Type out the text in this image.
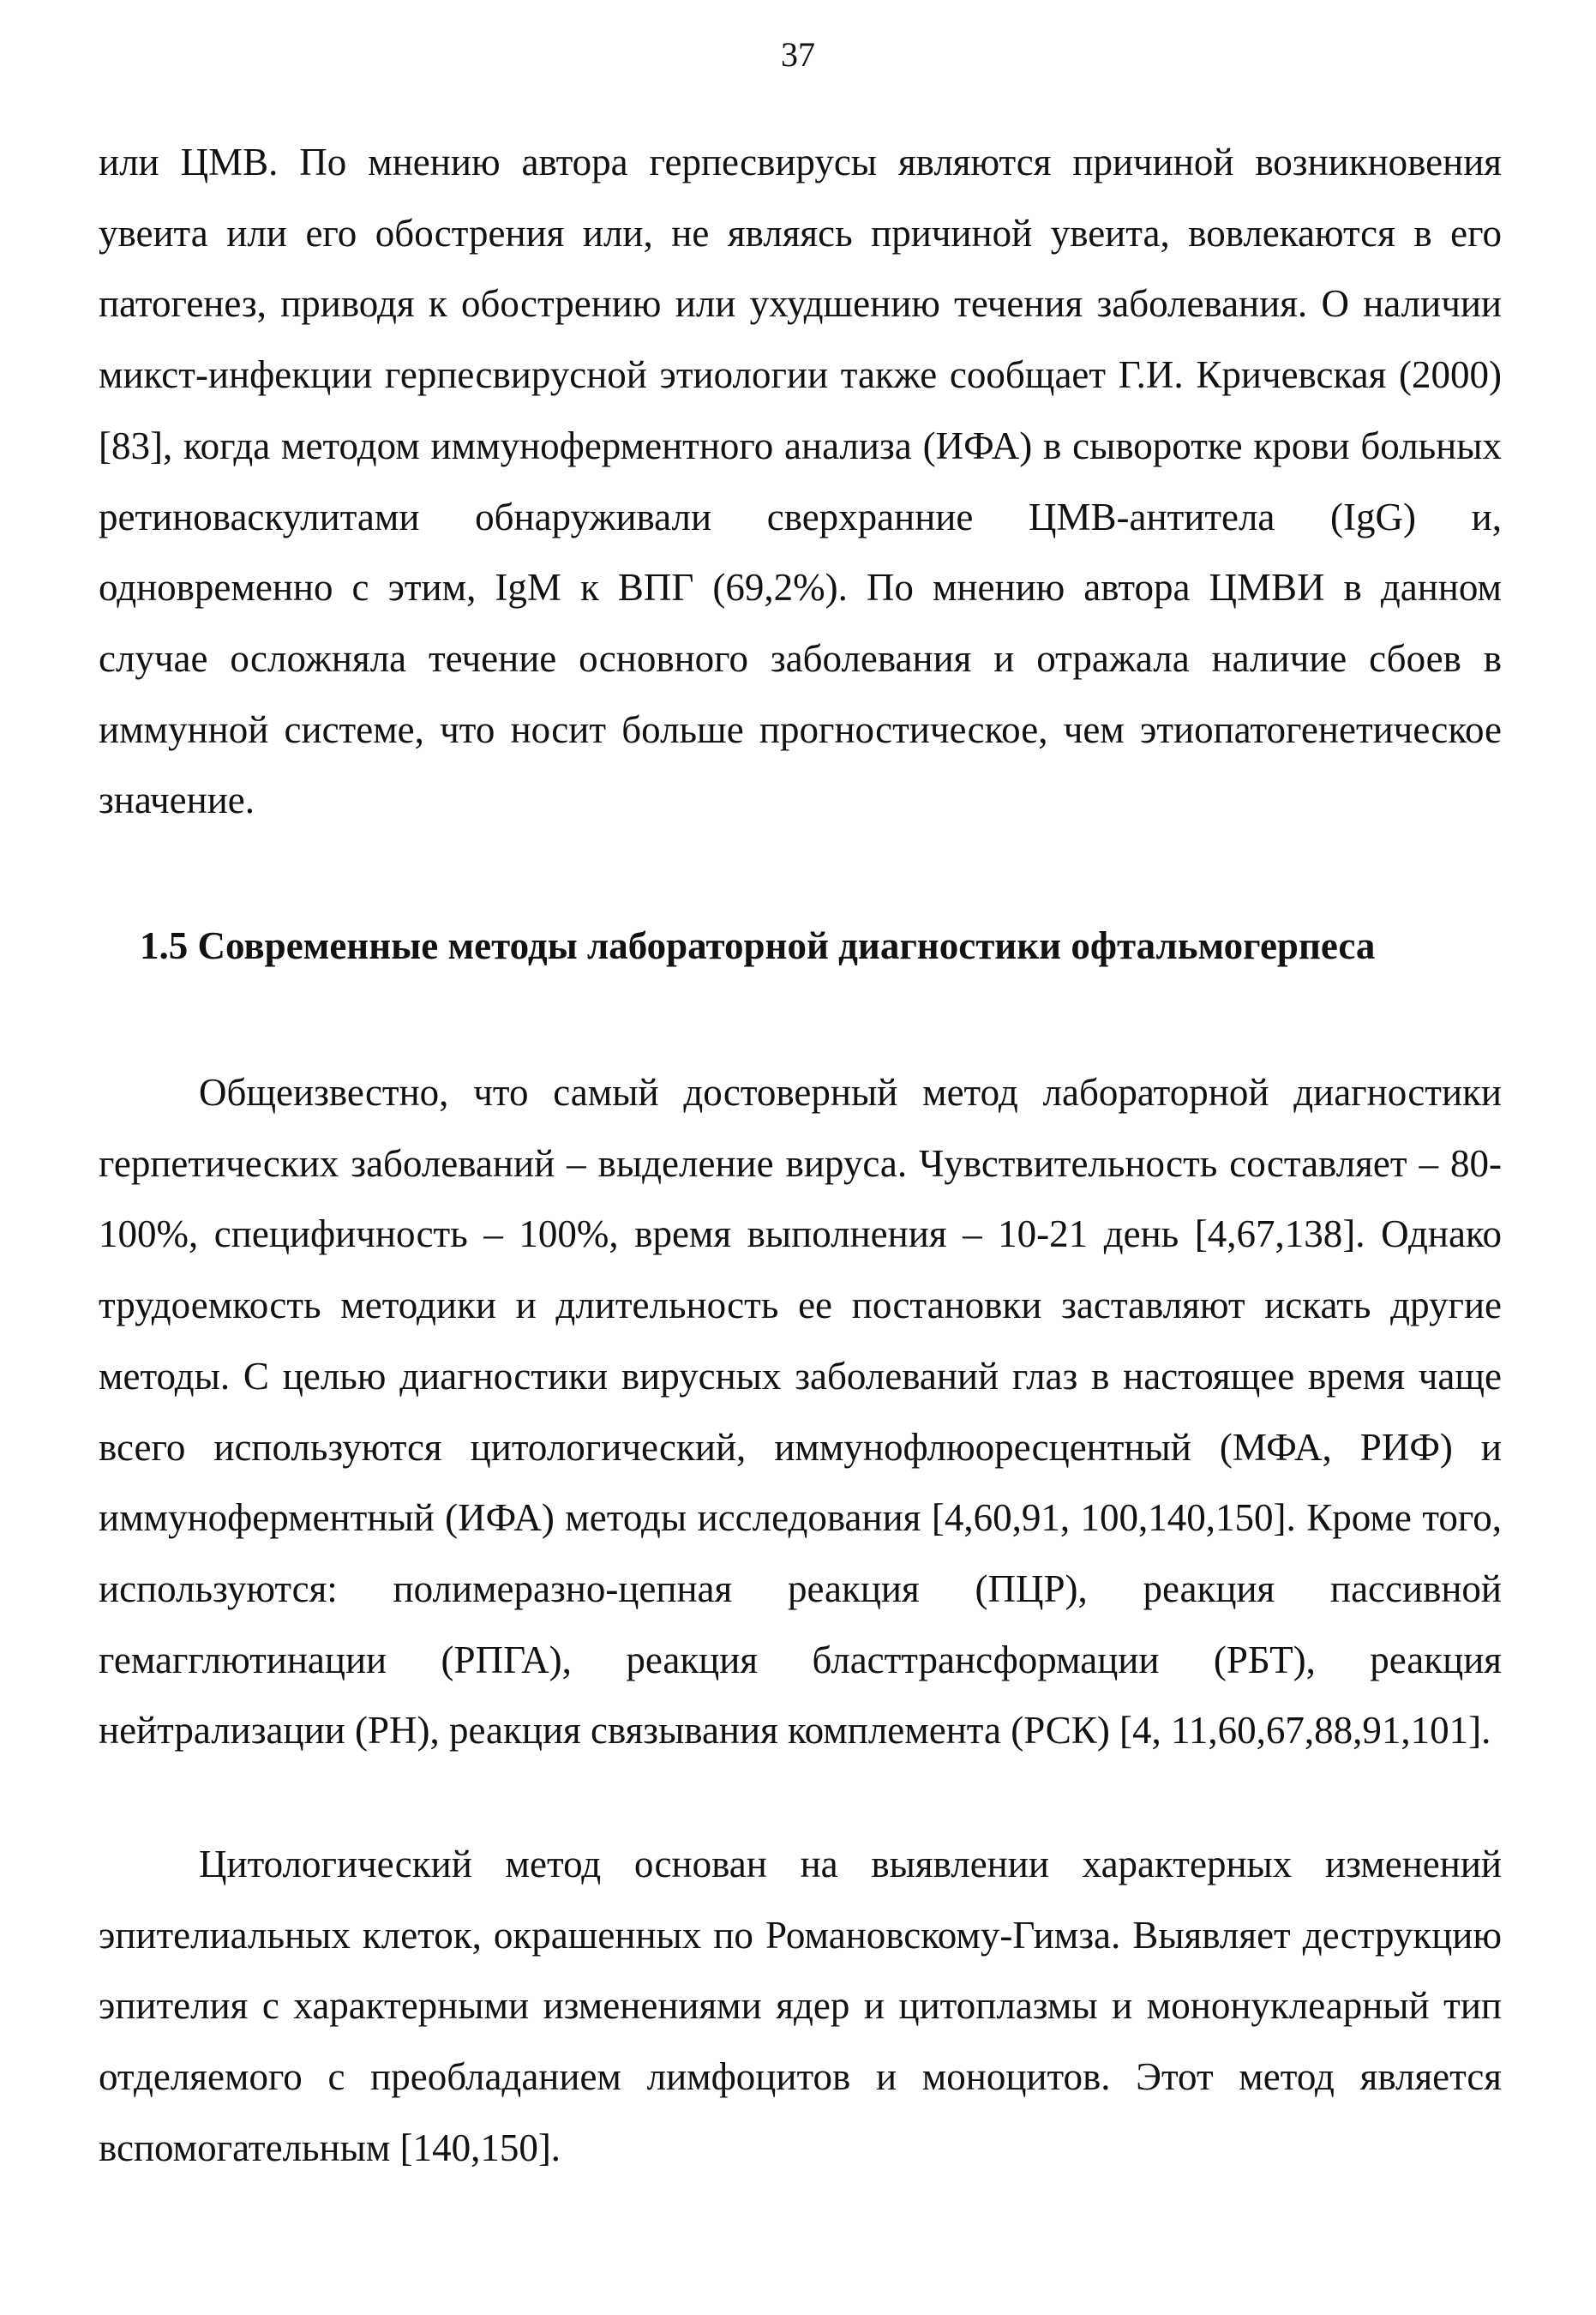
37

или ЦМВ. По мнению автора герпесвирусы являются причиной возникновения увеита или его обострения или, не являясь причиной увеита, вовлекаются в его патогенез, приводя к обострению или ухудшению течения заболевания. О наличии микст-инфекции герпесвирусной этиологии также сообщает Г.И. Кричевская (2000) [83], когда методом иммуноферментного анализа (ИФА) в сыворотке крови больных ретиноваскулитами обнаруживали сверхранние ЦМВ-антитела (IgG) и, одновременно с этим, IgM к ВПГ (69,2%). По мнению автора ЦМВИ в данном случае осложняла течение основного заболевания и отражала наличие сбоев в иммунной системе, что носит больше прогностическое, чем этиопатогенетическое значение.

1.5 Современные методы лабораторной диагностики офтальмогерпеса

Общеизвестно, что самый достоверный метод лабораторной диагностики герпетических заболеваний – выделение вируса. Чувствительность составляет – 80-100%, специфичность – 100%, время выполнения – 10-21 день [4,67,138]. Однако трудоемкость методики и длительность ее постановки заставляют искать другие методы. С целью диагностики вирусных заболеваний глаз в настоящее время чаще всего используются цитологический, иммунофлюоресцентный (МФА, РИФ) и иммуноферментный (ИФА) методы исследования [4,60,91, 100,140,150]. Кроме того, используются: полимеразно-цепная реакция (ПЦР), реакция пассивной гемагглютинации (РПГА), реакция бласттрансформации (РБТ), реакция нейтрализации (РН), реакция связывания комплемента (РСК) [4, 11,60,67,88,91,101].

Цитологический метод основан на выявлении характерных изменений эпителиальных клеток, окрашенных по Романовскому-Гимза. Выявляет деструкцию эпителия с характерными изменениями ядер и цитоплазмы и мононуклеарный тип отделяемого с преобладанием лимфоцитов и моноцитов. Этот метод является вспомогательным [140,150].
